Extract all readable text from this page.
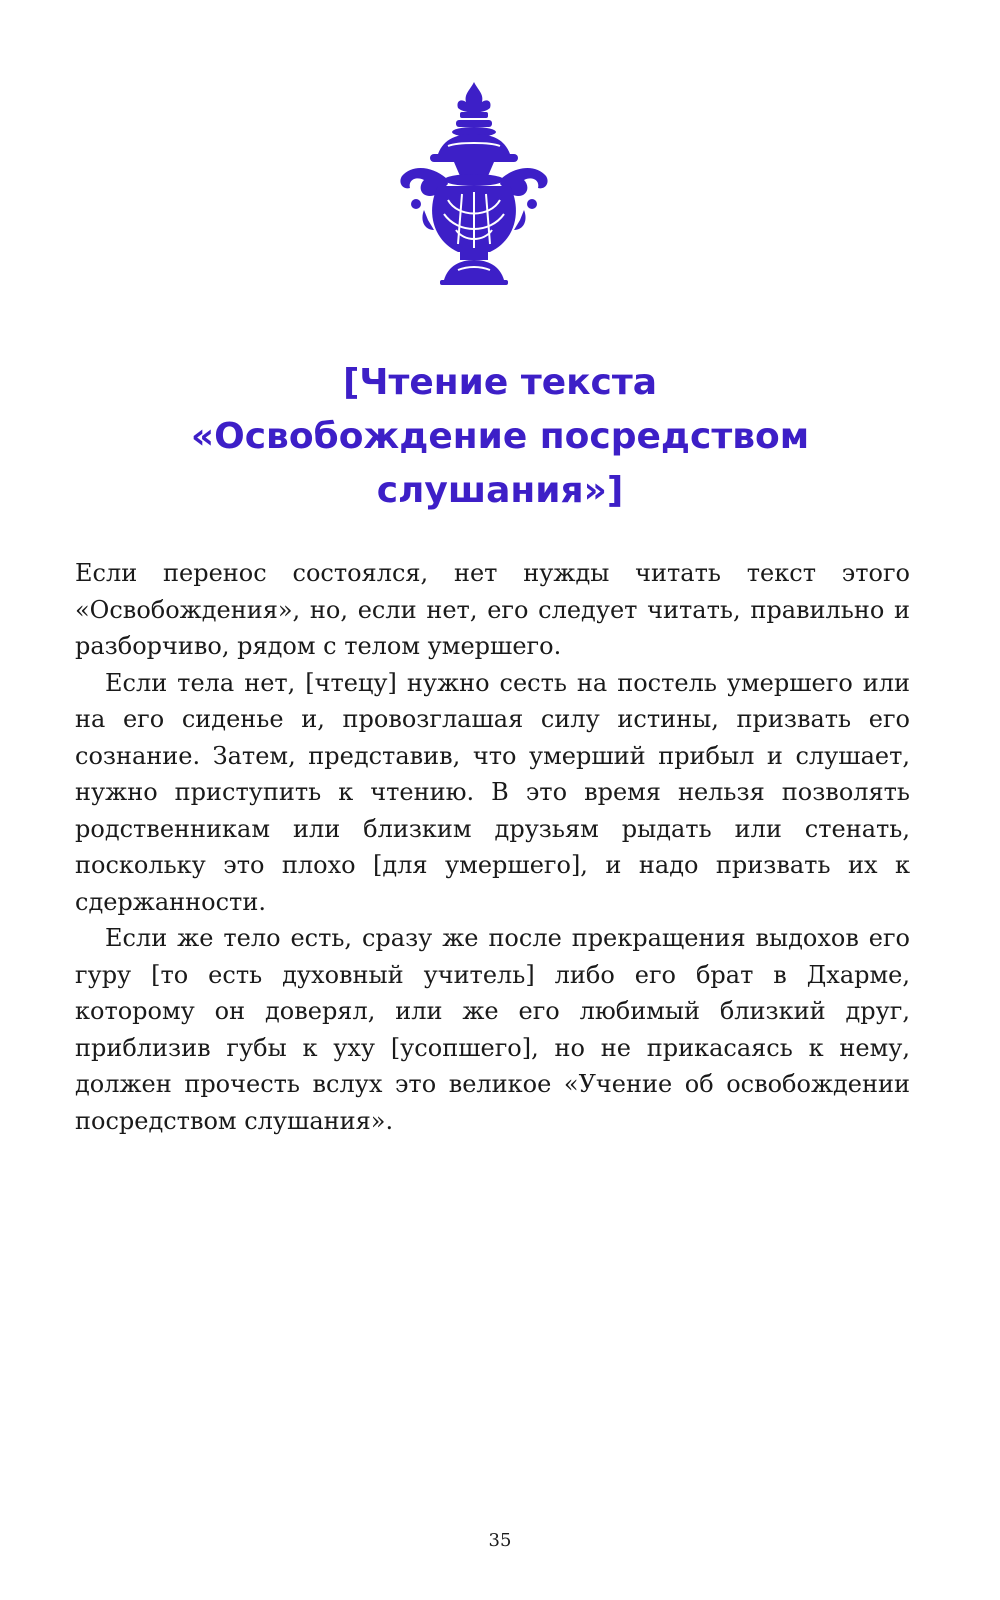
[Чтение текста
«Освобождение посредством
слушания»]

Если перенос состоялся, нет нужды читать текст этого «Освобождения», но, если нет, его следует читать, правильно и разборчиво, рядом с телом умершего.

Если тела нет, [чтецу] нужно сесть на постель умершего или на его сиденье и, провозглашая силу истины, призвать его сознание. Затем, представив, что умерший прибыл и слушает, нужно приступить к чтению. В это время нельзя позволять родственникам или близким друзьям рыдать или стенать, поскольку это плохо [для умершего], и надо призвать их к сдержанности.

Если же тело есть, сразу же после прекращения выдохов его гуру [то есть духовный учитель] либо его брат в Дхарме, которому он доверял, или же его любимый близкий друг, приблизив губы к уху [усопшего], но не прикасаясь к нему, должен прочесть вслух это великое «Учение об освобождении посредством слушания».

35
